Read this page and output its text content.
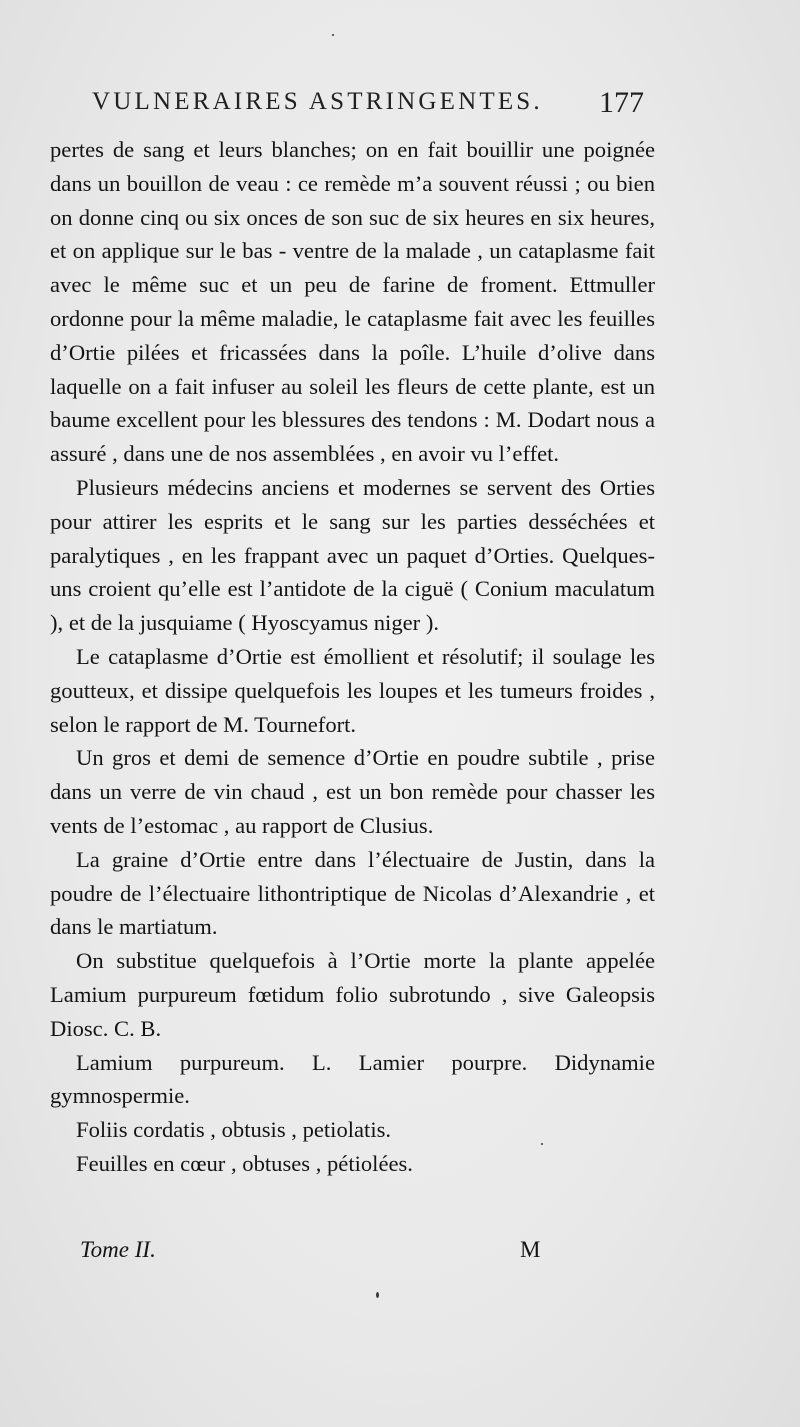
VULNERAIRES ASTRINGENTES. 177

pertes de sang et leurs blanches; on en fait bouillir une poignée dans un bouillon de veau : ce remède m’a souvent réussi ; ou bien on donne cinq ou six onces de son suc de six heures en six heures, et on applique sur le bas - ventre de la malade , un cataplasme fait avec le même suc et un peu de farine de froment. Ettmuller ordonne pour la même maladie, le cataplasme fait avec les feuilles d’Ortie pilées et fricassées dans la poîle. L’huile d’olive dans laquelle on a fait infuser au soleil les fleurs de cette plante, est un baume excellent pour les blessures des tendons : M. Dodart nous a assuré , dans une de nos assemblées , en avoir vu l’effet.

Plusieurs médecins anciens et modernes se servent des Orties pour attirer les esprits et le sang sur les parties desséchées et paralytiques , en les frappant avec un paquet d’Orties. Quelques-uns croient qu’elle est l’antidote de la ciguë ( Conium maculatum ), et de la jusquiame ( Hyoscyamus niger ).

Le cataplasme d’Ortie est émollient et résolutif; il soulage les goutteux, et dissipe quelquefois les loupes et les tumeurs froides , selon le rapport de M. Tournefort.

Un gros et demi de semence d’Ortie en poudre subtile , prise dans un verre de vin chaud , est un bon remède pour chasser les vents de l’estomac , au rapport de Clusius.

La graine d’Ortie entre dans l’électuaire de Justin, dans la poudre de l’électuaire lithontriptique de Nicolas d’Alexandrie , et dans le martiatum.

On substitue quelquefois à l’Ortie morte la plante appelée Lamium purpureum fœtidum folio subrotundo , sive Galeopsis Diosc. C. B.

Lamium purpureum. L. Lamier pourpre. Didynamie gymnospermie.

Foliis cordatis , obtusis , petiolatis.

Feuilles en cœur , obtuses , pétiolées.

Tome II.	M
